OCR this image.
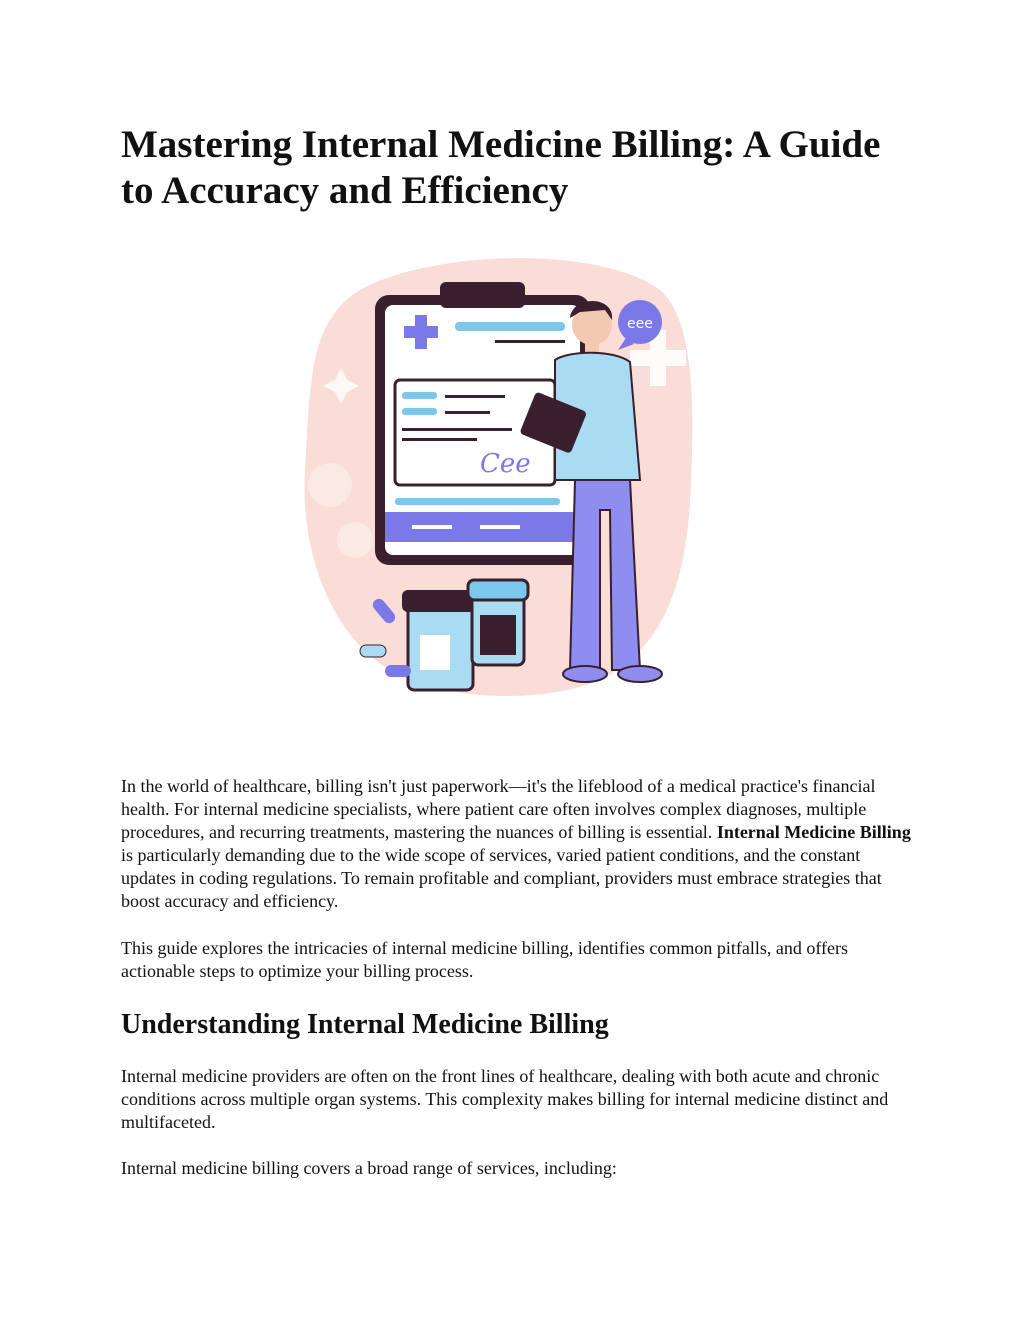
Mastering Internal Medicine Billing: A Guide to Accuracy and Efficiency
eee
Cee

In the world of healthcare, billing isn't just paperwork—it's the lifeblood of a medical practice's financial health. For internal medicine specialists, where patient care often involves complex diagnoses, multiple procedures, and recurring treatments, mastering the nuances of billing is essential. Internal Medicine Billing is particularly demanding due to the wide scope of services, varied patient conditions, and the constant updates in coding regulations. To remain profitable and compliant, providers must embrace strategies that boost accuracy and efficiency.

This guide explores the intricacies of internal medicine billing, identifies common pitfalls, and offers actionable steps to optimize your billing process.

Understanding Internal Medicine Billing

Internal medicine providers are often on the front lines of healthcare, dealing with both acute and chronic conditions across multiple organ systems. This complexity makes billing for internal medicine distinct and multifaceted.

Internal medicine billing covers a broad range of services, including:
